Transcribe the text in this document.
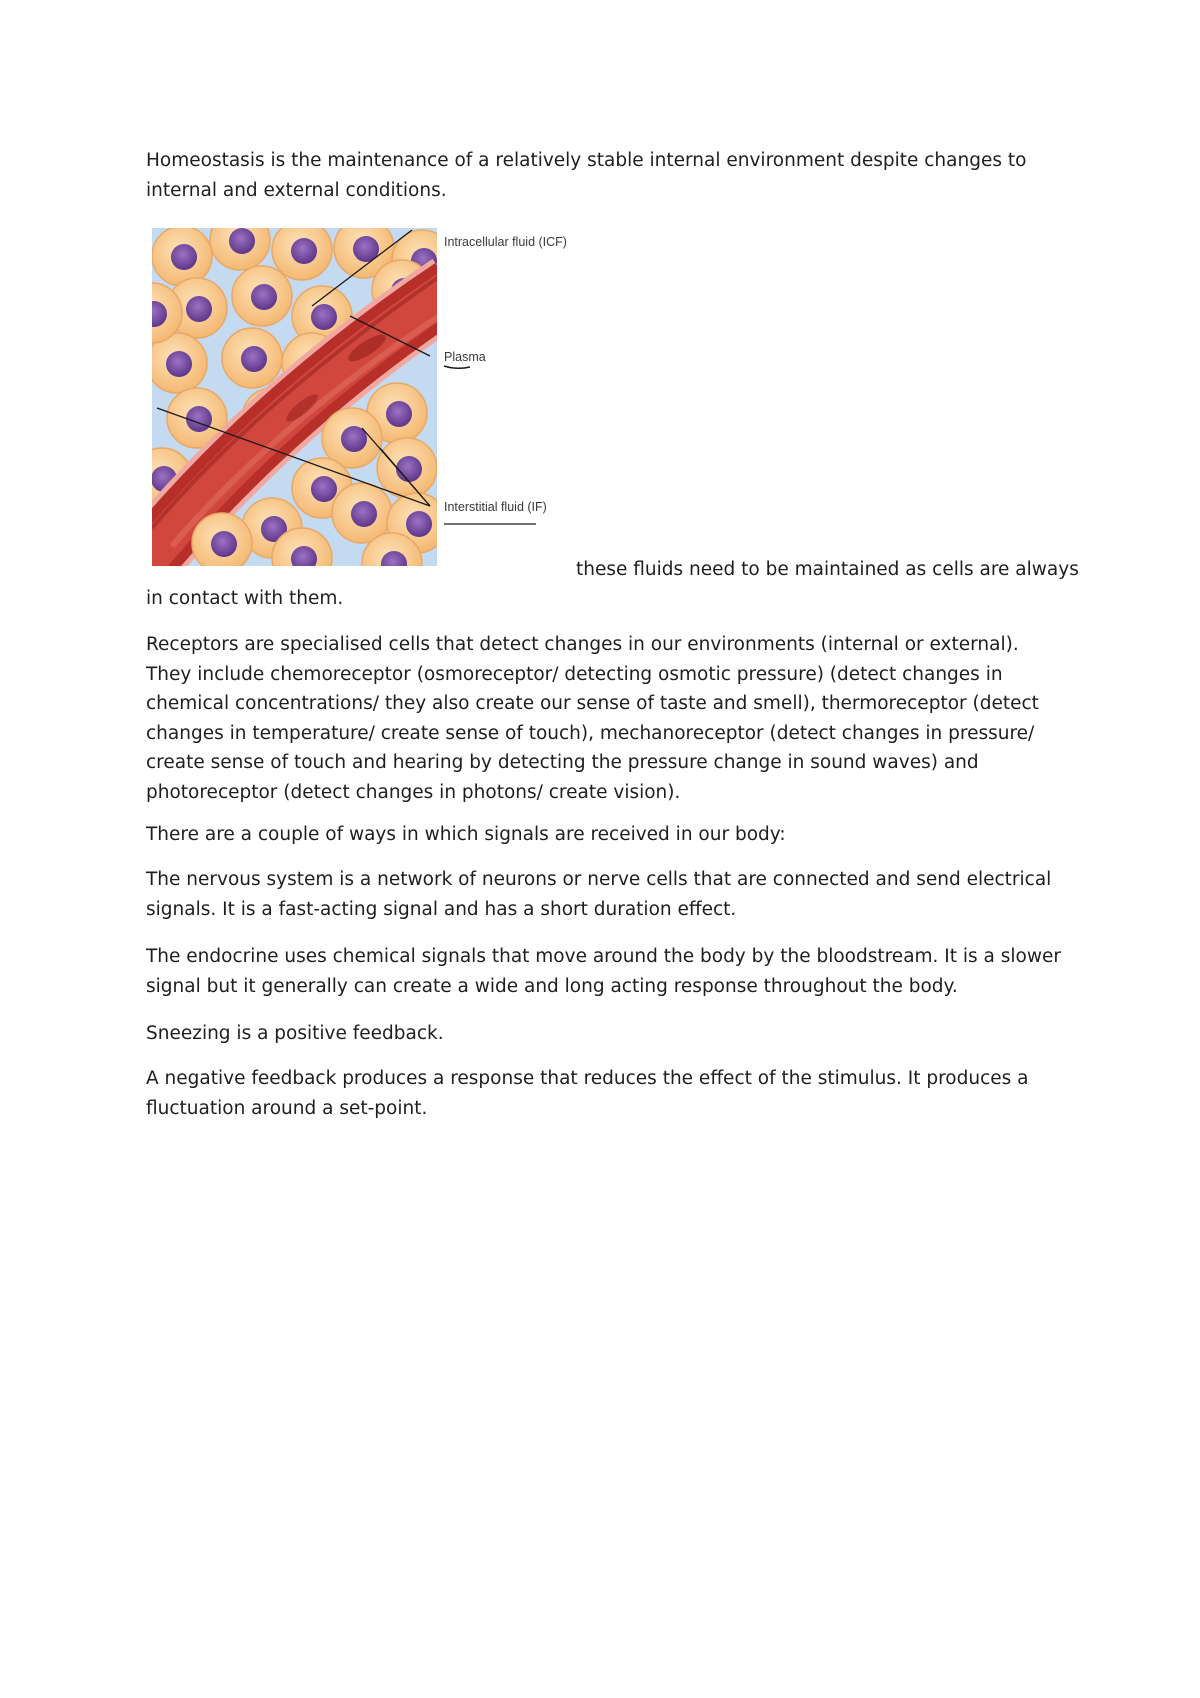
Homeostasis is the maintenance of a relatively stable internal environment despite changes to internal and external conditions.

Intracellular fluid (ICF)
Plasma
Interstitial fluid (IF)
these fluids need to be maintained as cells are always
in contact with them.

Receptors are specialised cells that detect changes in our environments (internal or external). They include chemoreceptor (osmoreceptor/ detecting osmotic pressure) (detect changes in chemical concentrations/ they also create our sense of taste and smell), thermoreceptor (detect changes in temperature/ create sense of touch), mechanoreceptor (detect changes in pressure/ create sense of touch and hearing by detecting the pressure change in sound waves) and photoreceptor (detect changes in photons/ create vision).

There are a couple of ways in which signals are received in our body:

The nervous system is a network of neurons or nerve cells that are connected and send electrical signals. It is a fast-acting signal and has a short duration effect.

The endocrine uses chemical signals that move around the body by the bloodstream. It is a slower signal but it generally can create a wide and long acting response throughout the body.

Sneezing is a positive feedback.

A negative feedback produces a response that reduces the effect of the stimulus. It produces a fluctuation around a set-point.
